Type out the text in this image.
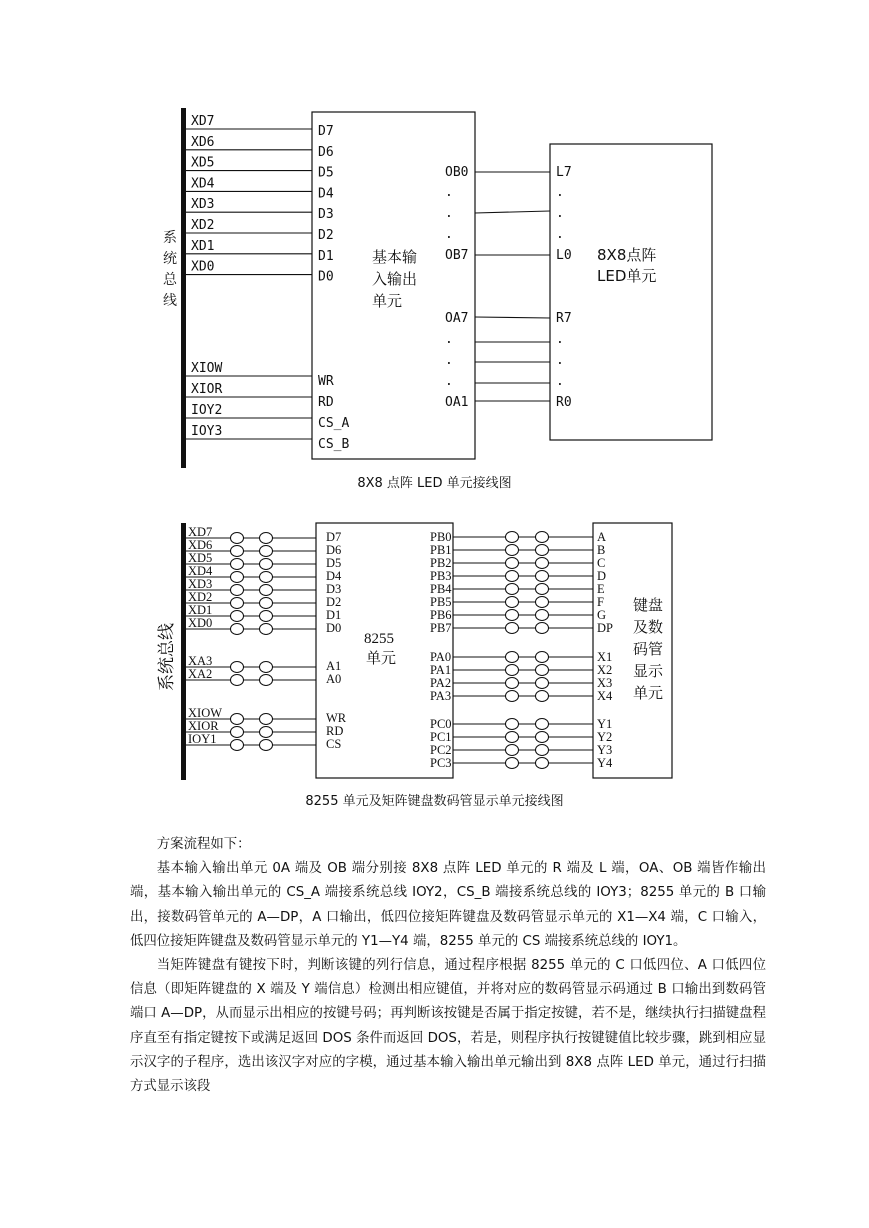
系
统
总
线
基本输
入输出
单元
8X8点阵
LED单元
XD7
D7
XD6
D6
XD5
D5
XD4
D4
XD3
D3
XD2
D2
XD1
D1
XD0
D0
XIOW
WR
XIOR
RD
IOY2
CS_A
IOY3
CS_B
OB0	L7
.	.
.	.
.	.
OB7	L0
OA7	R7
.	.
.	.
.	.
OA1	R0
8X8 点阵 LED 单元接线图
系统总线	8255
单元
键盘
及数
码管
显示
单元
XD7	D7
XD6	D6
XD5	D5
XD4	D4
XD3	D3
XD2	D2
XD1	D1
XD0	D0
XA3	A1
XA2	A0
XIOW	WR
XIOR	RD
IOY1	CS
PB0	A
PB1	B
PB2	C
PB3	D
PB4	E
PB5	F
PB6	G
PB7	DP
PA0	X1
PA1	X2
PA2	X3
PA3	X4
PC0	Y1
PC1	Y2
PC2	Y3
PC3	Y4
8255 单元及矩阵键盘数码管显示单元接线图

方案流程如下：

基本输入输出单元 0A 端及 OB 端分别接 8X8 点阵 LED 单元的 R 端及 L 端，OA、OB 端皆作输出端，基本输入输出单元的 CS_A 端接系统总线 IOY2，CS_B 端接系统总线的 IOY3；8255 单元的 B 口输出，接数码管单元的 A—DP，A 口输出，低四位接矩阵键盘及数码管显示单元的 X1—X4 端，C 口输入，低四位接矩阵键盘及数码管显示单元的 Y1—Y4 端，8255 单元的 CS 端接系统总线的 IOY1。

当矩阵键盘有键按下时，判断该键的列行信息，通过程序根据 8255 单元的 C 口低四位、A 口低四位信息（即矩阵键盘的 X 端及 Y 端信息）检测出相应键值，并将对应的数码管显示码通过 B 口输出到数码管端口 A—DP，从而显示出相应的按键号码；再判断该按键是否属于指定按键，若不是，继续执行扫描键盘程序直至有指定键按下或满足返回 DOS 条件而返回 DOS，若是，则程序执行按键键值比较步骤，跳到相应显示汉字的子程序，选出该汉字对应的字模，通过基本输入输出单元输出到 8X8 点阵 LED 单元，通过行扫描方式显示该段
